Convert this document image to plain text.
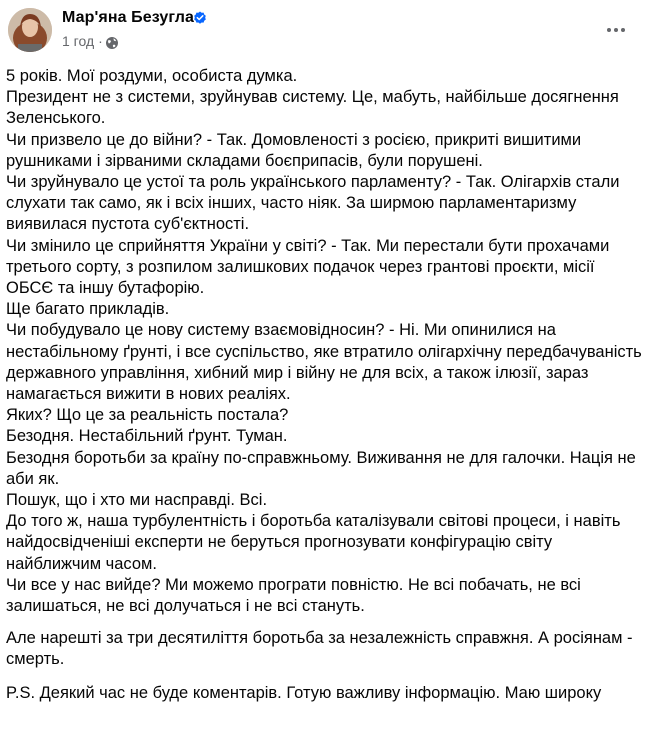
Мар'яна Безугла
1 год ·

5 років. Мої роздуми, особиста думка.

Президент не з системи, зруйнував систему. Це, мабуть, найбільше досягнення Зеленського.

Чи призвело це до війни? - Так. Домовленості з росією, прикриті вишитими рушниками і зірваними складами боєприпасів, були порушені.

Чи зруйнувало це устої та роль українського парламенту? - Так. Олігархів стали слухати так само, як і всіх інших, часто ніяк. За ширмою парламентаризму виявилася пустота суб'єктності.

Чи змінило це сприйняття України у світі? - Так. Ми перестали бути прохачами третього сорту, з розпилом залишкових подачок через грантові проєкти, місії ОБСЄ та іншу бутафорію.

Ще багато прикладів.

Чи побудувало це нову систему взаємовідносин? - Ні. Ми опинилися на нестабільному ґрунті, і все суспільство, яке втратило олігархічну передбачуваність державного управління, хибний мир і війну не для всіх, а також ілюзії, зараз намагається вижити в нових реаліях.

Яких? Що це за реальність постала?

Безодня. Нестабільний ґрунт. Туман.

Безодня боротьби за країну по-справжньому. Виживання не для галочки. Нація не аби як.

Пошук, що і хто ми насправді. Всі.

До того ж, наша турбулентність і боротьба каталізували світові процеси, і навіть найдосвідченіші експерти не беруться прогнозувати конфігурацію світу найближчим часом.

Чи все у нас вийде? Ми можемо програти повністю. Не всі побачать, не всі залишаться, не всі долучаться і не всі стануть.

Але нарешті за три десятиліття боротьба за незалежність справжня. А росіянам - смерть.

P.S. Деякий час не буде коментарів. Готую важливу інформацію. Маю широку
